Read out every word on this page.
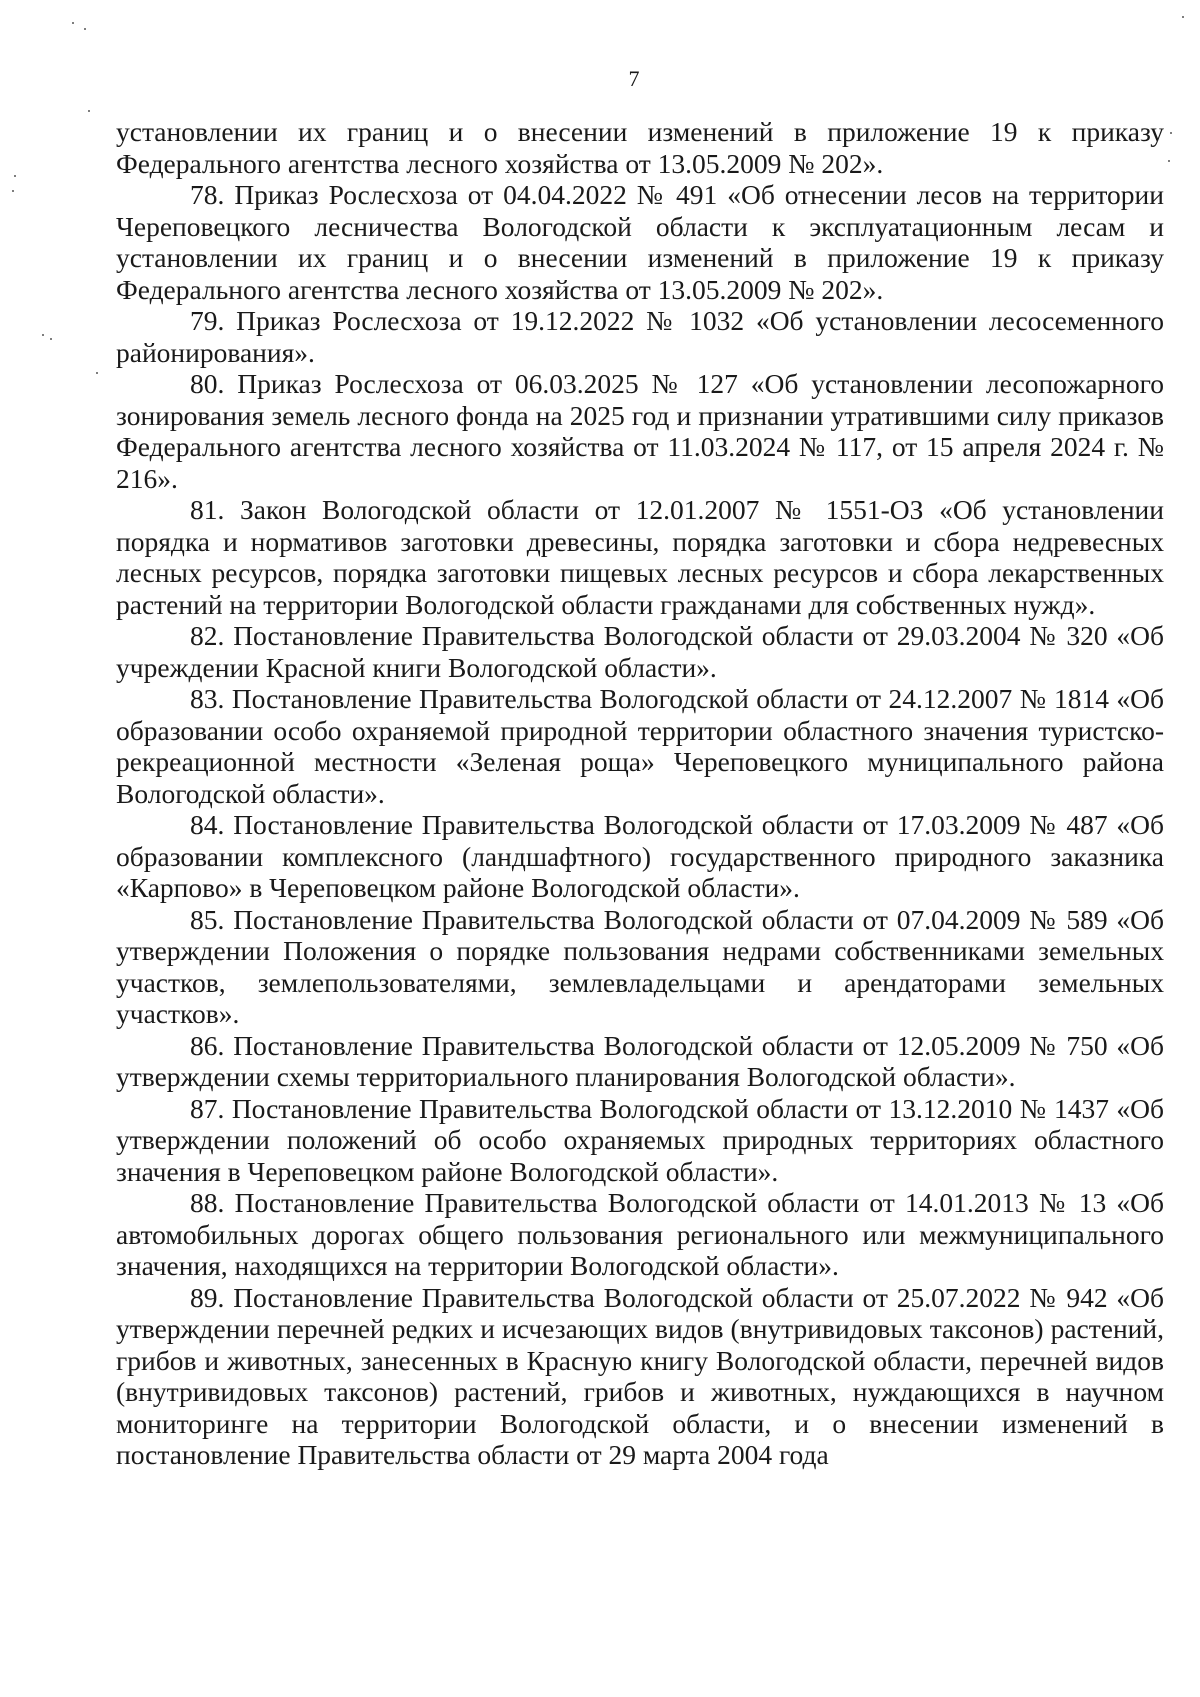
7

установлении их границ и о внесении изменений в приложение 19 к приказу Федерального агентства лесного хозяйства от 13.05.2009 № 202».

78. Приказ Рослесхоза от 04.04.2022 № 491 «Об отнесении лесов на территории Череповецкого лесничества Вологодской области к эксплуатационным лесам и установлении их границ и о внесении изменений в приложение 19 к приказу Федерального агентства лесного хозяйства от 13.05.2009 № 202».

79. Приказ Рослесхоза от 19.12.2022 № 1032 «Об установлении лесосеменного районирования».

80. Приказ Рослесхоза от 06.03.2025 № 127 «Об установлении лесопожарного зонирования земель лесного фонда на 2025 год и признании утратившими силу приказов Федерального агентства лесного хозяйства от 11.03.2024 № 117, от 15 апреля 2024 г. № 216».

81. Закон Вологодской области от 12.01.2007 № 1551-ОЗ «Об установлении порядка и нормативов заготовки древесины, порядка заготовки и сбора недревесных лесных ресурсов, порядка заготовки пищевых лесных ресурсов и сбора лекарственных растений на территории Вологодской области гражданами для собственных нужд».

82. Постановление Правительства Вологодской области от 29.03.2004 № 320 «Об учреждении Красной книги Вологодской области».

83. Постановление Правительства Вологодской области от 24.12.2007 № 1814 «Об образовании особо охраняемой природной территории областного значения туристско-рекреационной местности «Зеленая роща» Череповецкого муниципального района Вологодской области».

84. Постановление Правительства Вологодской области от 17.03.2009 № 487 «Об образовании комплексного (ландшафтного) государственного природного заказника «Карпово» в Череповецком районе Вологодской области».

85. Постановление Правительства Вологодской области от 07.04.2009 № 589 «Об утверждении Положения о порядке пользования недрами собственниками земельных участков, землепользователями, землевладельцами и арендаторами земельных участков».

86. Постановление Правительства Вологодской области от 12.05.2009 № 750 «Об утверждении схемы территориального планирования Вологодской области».

87. Постановление Правительства Вологодской области от 13.12.2010 № 1437 «Об утверждении положений об особо охраняемых природных территориях областного значения в Череповецком районе Вологодской области».

88. Постановление Правительства Вологодской области от 14.01.2013 № 13 «Об автомобильных дорогах общего пользования регионального или межмуниципального значения, находящихся на территории Вологодской области».

89. Постановление Правительства Вологодской области от 25.07.2022 № 942 «Об утверждении перечней редких и исчезающих видов (внутривидовых таксонов) растений, грибов и животных, занесенных в Красную книгу Вологодской области, перечней видов (внутривидовых таксонов) растений, грибов и животных, нуждающихся в научном мониторинге на территории Вологодской области, и о внесении изменений в постановление Правительства области от 29 марта 2004 года
